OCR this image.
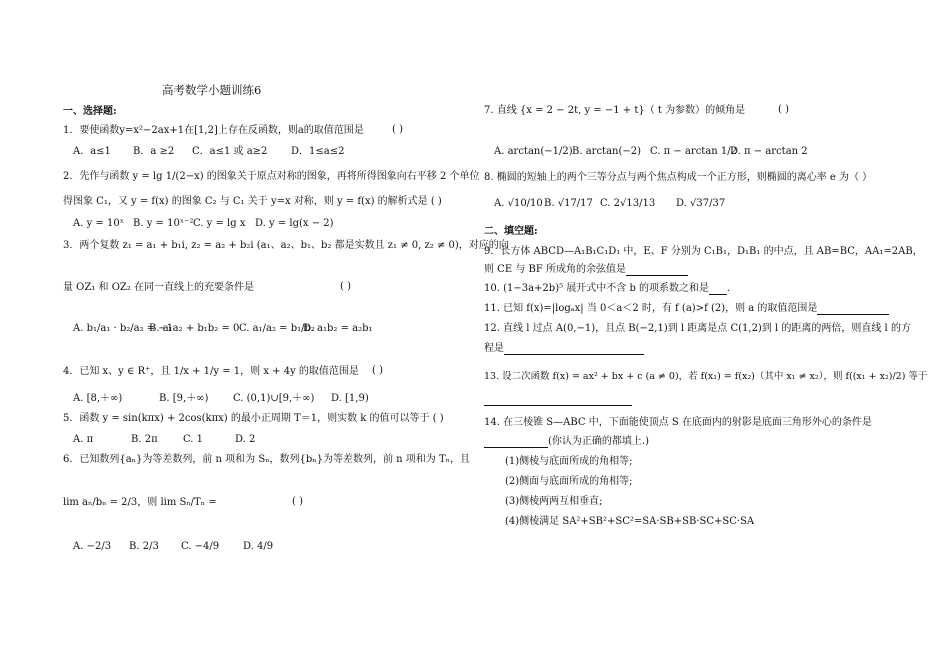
高考数学小题训练6
一、选择题:
1．要使函数y=x²−2ax+1在[1,2]上存在反函数，则a的取值范围是	( )
A．a≤1 B．a ≥2 C．a≤1 或 a≥2 D．1≤a≤2
2．先作与函数 y = lg 1/(2−x) 的图象关于原点对称的图象，再将所得图象向右平移 2 个单位
得图象 C₁，又 y = f(x) 的图象 C₂ 与 C₁ 关于 y=x 对称，则 y = f(x) 的解析式是 ( )
A. y = 10ˣ B. y = 10ˣ⁻² C. y = lg x D. y = lg(x − 2)
3．两个复数 z₁ = a₁ + b₁i, z₂ = a₂ + b₂i (a₁、a₂、b₁、b₂ 都是实数且 z₁ ≠ 0, z₂ ≠ 0)，对应的向
量 OZ₁ 和 OZ₂ 在同一直线上的充要条件是	( )
A. b₁/a₁ · b₂/a₂ = −1
B. a₁a₂ + b₁b₂ = 0 C. a₁/a₂ = b₁/b₂
D. a₁b₂ = a₂b₁
4．已知 x、y ∈ R⁺，且 1/x + 1/y = 1，则 x + 4y 的取值范围是 ( )
A. [8,＋∞)	B. [9,＋∞) C. (0,1)∪[9,＋∞) D. [1,9)
5．函数 y = sin(kπx) + 2cos(kπx) 的最小正周期 T＝1，则实数 k 的值可以等于 ( )
A. π	B. 2π	C. 1	D. 2
6．已知数列{aₙ}为等差数列，前 n 项和为 Sₙ，数列{bₙ}为等差数列，前 n 项和为 Tₙ，且
lim aₙ/bₙ = 2/3，则 lim Sₙ/Tₙ =	( )
A. −2/3 B. 2/3 C. −4/9 D. 4/9
7. 直线 {x = 2 − 2t, y = −1 + t}（ t 为参数）的倾角是	( )
A. arctan(−1/2) B. arctan(−2) C. π − arctan 1/2
D. π − arctan 2
8. 椭圆的短轴上的两个三等分点与两个焦点构成一个正方形，则椭圆的离心率 e 为（ ）
A. √10/10 B. √17/17 C. 2√13/13 D. √37/37
二、填空题:
9．长方体 ABCD—A₁B₁C₁D₁ 中，E、F 分别为 C₁B₁，D₁B₁ 的中点，且 AB=BC，AA₁=2AB，
则 CE 与 BF 所成角的余弦值是
10. (1−3a+2b)⁵ 展开式中不含 b 的项系数之和是 .
11. 已知 f(x)=|logₐx| 当 0＜a＜2 时，有 f (a)>f (2)，则 a 的取值范围是
12. 直线 l 过点 A(0,−1)，且点 B(−2,1)到 l 距离是点 C(1,2)到 l 的距离的两倍，则直线 l 的方
程是
13. 设二次函数 f(x) = ax² + bx + c (a ≠ 0)，若 f(x₁) = f(x₂)（其中 x₁ ≠ x₂），则 f((x₁ + x₂)/2) 等于
14. 在三棱锥 S—ABC 中，下面能使顶点 S 在底面内的射影是底面三角形外心的条件是
(你认为正确的都填上.)
(1)侧棱与底面所成的角相等;
(2)侧面与底面所成的角相等;
(3)侧棱两两互相垂直;
(4)侧棱满足 SA²+SB²+SC²=SA·SB+SB·SC+SC·SA
